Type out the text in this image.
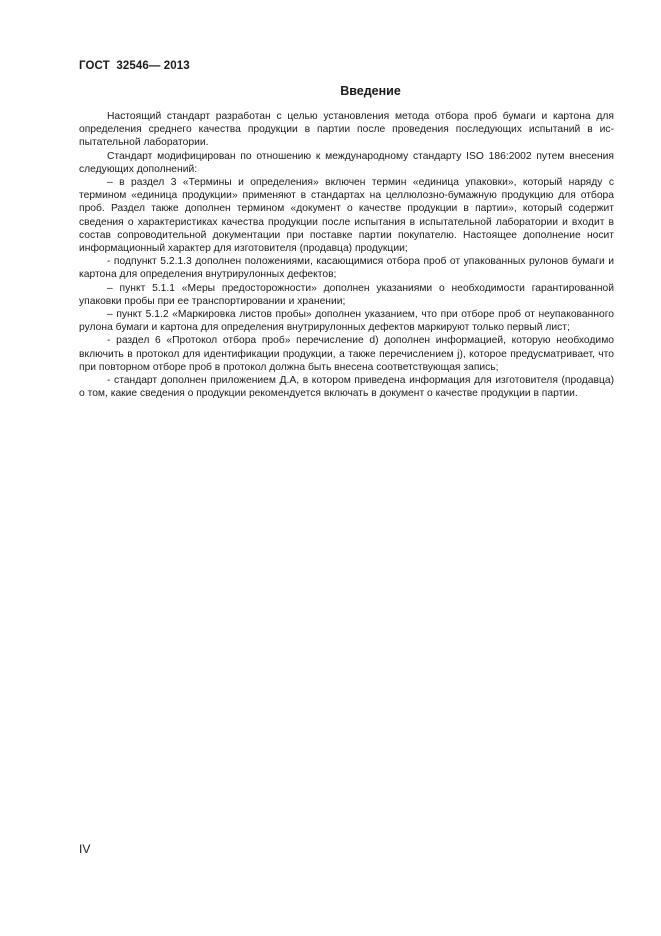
ГОСТ  32546— 2013
Введение

Настоящий стандарт разработан с целью установления метода отбора проб бумаги и картона для определения среднего качества продукции в партии после проведения последующих испытаний в испытательной лаборатории.

Стандарт модифицирован по отношению к международному стандарту ISO 186:2002 путем внесения следующих дополнений:

– в раздел 3 «Термины и определения» включен термин «единица упаковки», который наряду с термином «единица продукции» применяют в стандартах на целлюлозно-бумажную продукцию для отбора проб. Раздел также дополнен термином «документ о качестве продукции в партии», который содержит сведения о характеристиках качества продукции после испытания в испытательной лаборатории и входит в состав сопроводительной документации при поставке партии покупателю. Настоящее дополнение носит информационный характер для изготовителя (продавца) продукции;

- подпункт 5.2.1.3 дополнен положениями, касающимися отбора проб от упакованных рулонов бумаги и картона для определения внутрирулонных дефектов;

– пункт 5.1.1 «Меры предосторожности» дополнен указаниями о необходимости гарантированной упаковки пробы при ее транспортировании и хранении;

– пункт 5.1.2 «Маркировка листов пробы» дополнен указанием, что при отборе проб от неупакованного рулона бумаги и картона для определения внутрирулонных дефектов маркируют только первый лист;

- раздел 6 «Протокол отбора проб» перечисление d) дополнен информацией, которую необходимо включить в протокол для идентификации продукции, а также перечислением j), которое предусматривает, что при повторном отборе проб в протокол должна быть внесена соответствующая запись;

- стандарт дополнен приложением Д.А, в котором приведена информация для изготовителя (продавца) о том, какие сведения о продукции рекомендуется включать в документ о качестве продукции в партии.

IV
